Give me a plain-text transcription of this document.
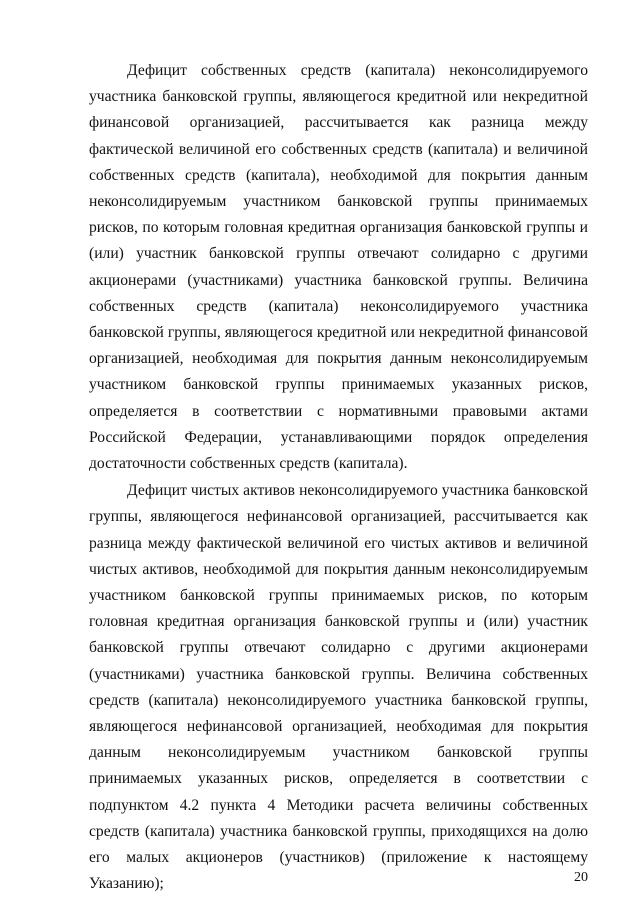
Дефицит собственных средств (капитала) неконсолидируемого участника банковской группы, являющегося кредитной или некредитной финансовой организацией, рассчитывается как разница между фактической величиной его собственных средств (капитала) и величиной собственных средств (капитала), необходимой для покрытия данным неконсолидируемым участником банковской группы принимаемых рисков, по которым головная кредитная организация банковской группы и (или) участник банковской группы отвечают солидарно с другими акционерами (участниками) участника банковской группы. Величина собственных средств (капитала) неконсолидируемого участника банковской группы, являющегося кредитной или некредитной финансовой организацией, необходимая для покрытия данным неконсолидируемым участником банковской группы принимаемых указанных рисков, определяется в соответствии с нормативными правовыми актами Российской Федерации, устанавливающими порядок определения достаточности собственных средств (капитала).

Дефицит чистых активов неконсолидируемого участника банковской группы, являющегося нефинансовой организацией, рассчитывается как разница между фактической величиной его чистых активов и величиной чистых активов, необходимой для покрытия данным неконсолидируемым участником банковской группы принимаемых рисков, по которым головная кредитная организация банковской группы и (или) участник банковской группы отвечают солидарно с другими акционерами (участниками) участника банковской группы. Величина собственных средств (капитала) неконсолидируемого участника банковской группы, являющегося нефинансовой организацией, необходимая для покрытия данным неконсолидируемым участником банковской группы принимаемых указанных рисков, определяется в соответствии с подпунктом 4.2 пункта 4 Методики расчета величины собственных средств (капитала) участника банковской группы, приходящихся на долю его малых акционеров (участников) (приложение к настоящему Указанию);	20
